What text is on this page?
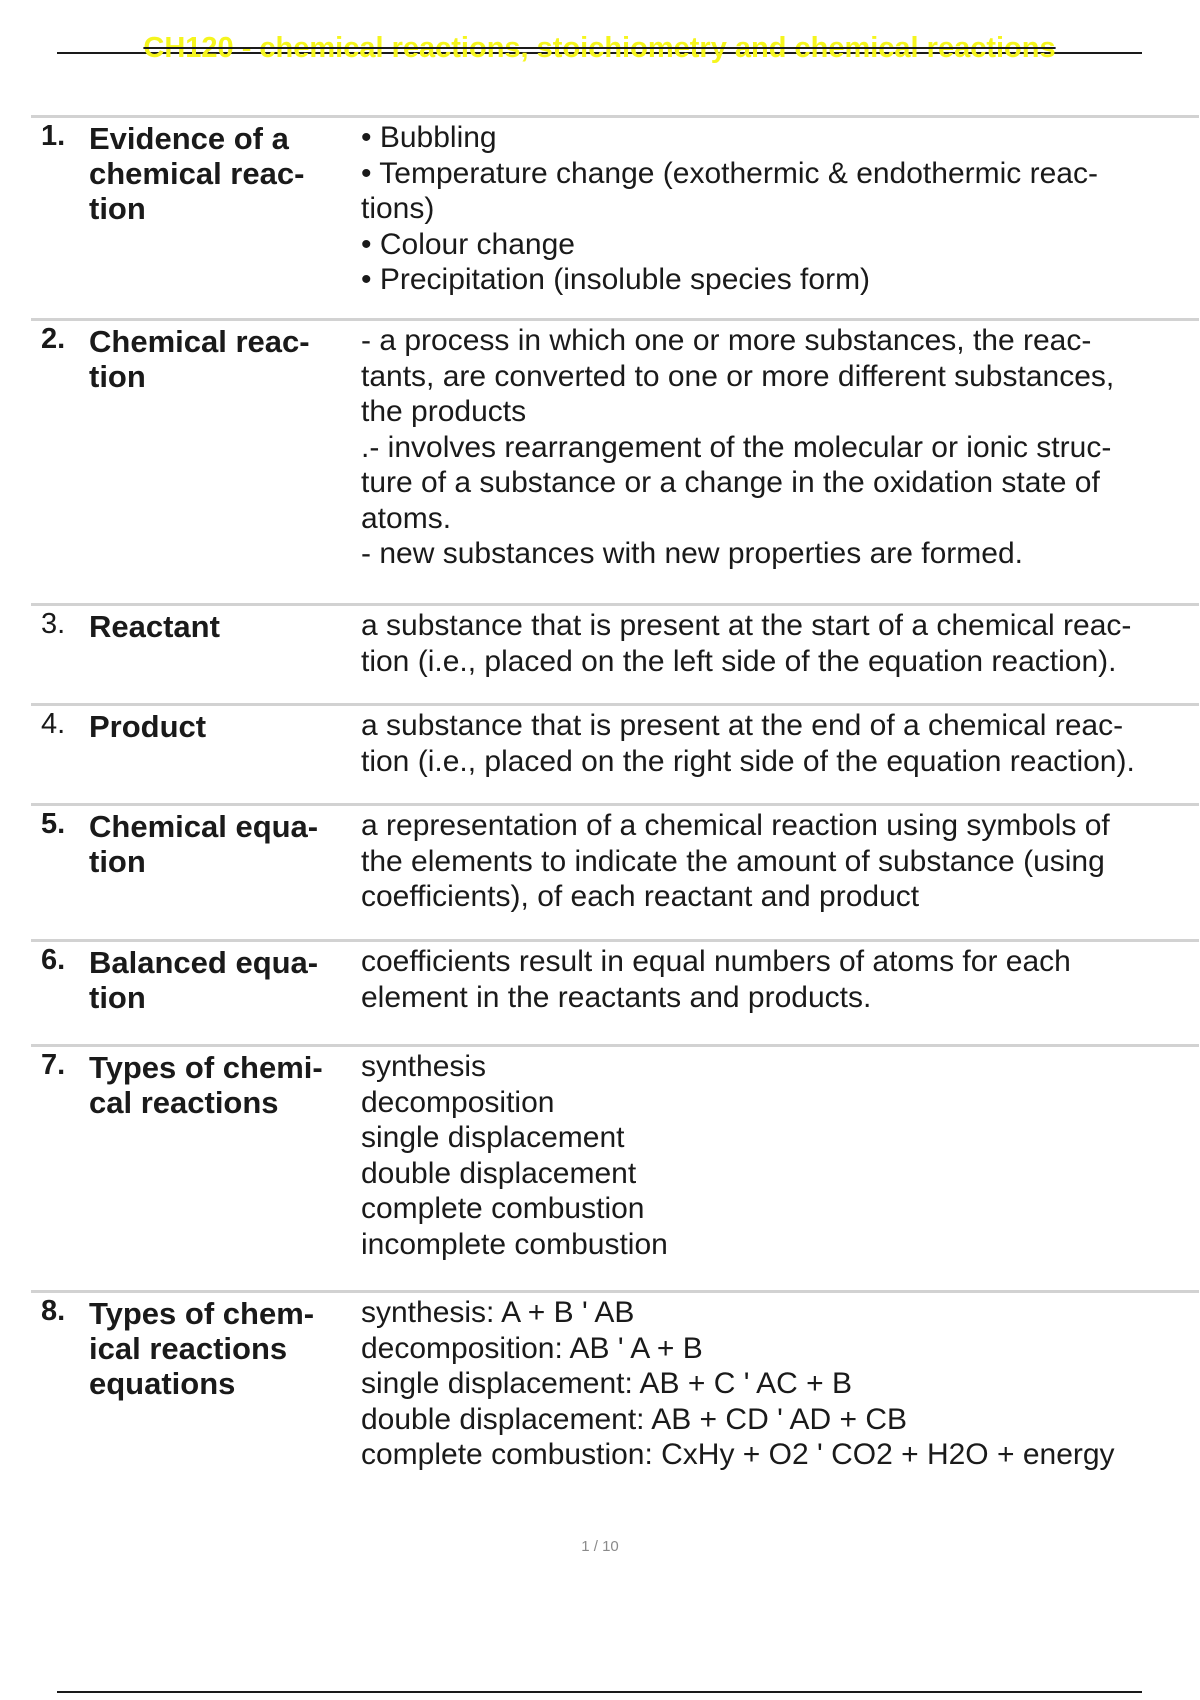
CH120 - chemical reactions, stoichiometry and chemical reactions
1. Evidence of a
chemical reac-
tion
• Bubbling
• Temperature change (exothermic & endothermic reac-
tions)
• Colour change
• Precipitation (insoluble species form)
2. Chemical reac-
tion
- a process in which one or more substances, the reac-
tants, are converted to one or more different substances,
the products
.- involves rearrangement of the molecular or ionic struc-
ture of a substance or a change in the oxidation state of
atoms.
- new substances with new properties are formed.
3. Reactant	a substance that is present at the start of a chemical reac-
tion (i.e., placed on the left side of the equation reaction).
4. Product	a substance that is present at the end of a chemical reac-
tion (i.e., placed on the right side of the equation reaction).
5. Chemical equa-
tion
a representation of a chemical reaction using symbols of
the elements to indicate the amount of substance (using
coefficients), of each reactant and product
6. Balanced equa-
tion
coefficients result in equal numbers of atoms for each
element in the reactants and products.
7. Types of chemi-
cal reactions
synthesis
decomposition
single displacement
double displacement
complete combustion
incomplete combustion
8. Types of chem-
ical reactions
equations
synthesis: A + B ' AB
decomposition: AB ' A + B
single displacement: AB + C ' AC + B
double displacement: AB + CD ' AD + CB
complete combustion: CxHy + O2 ' CO2 + H2O + energy
1 / 10
